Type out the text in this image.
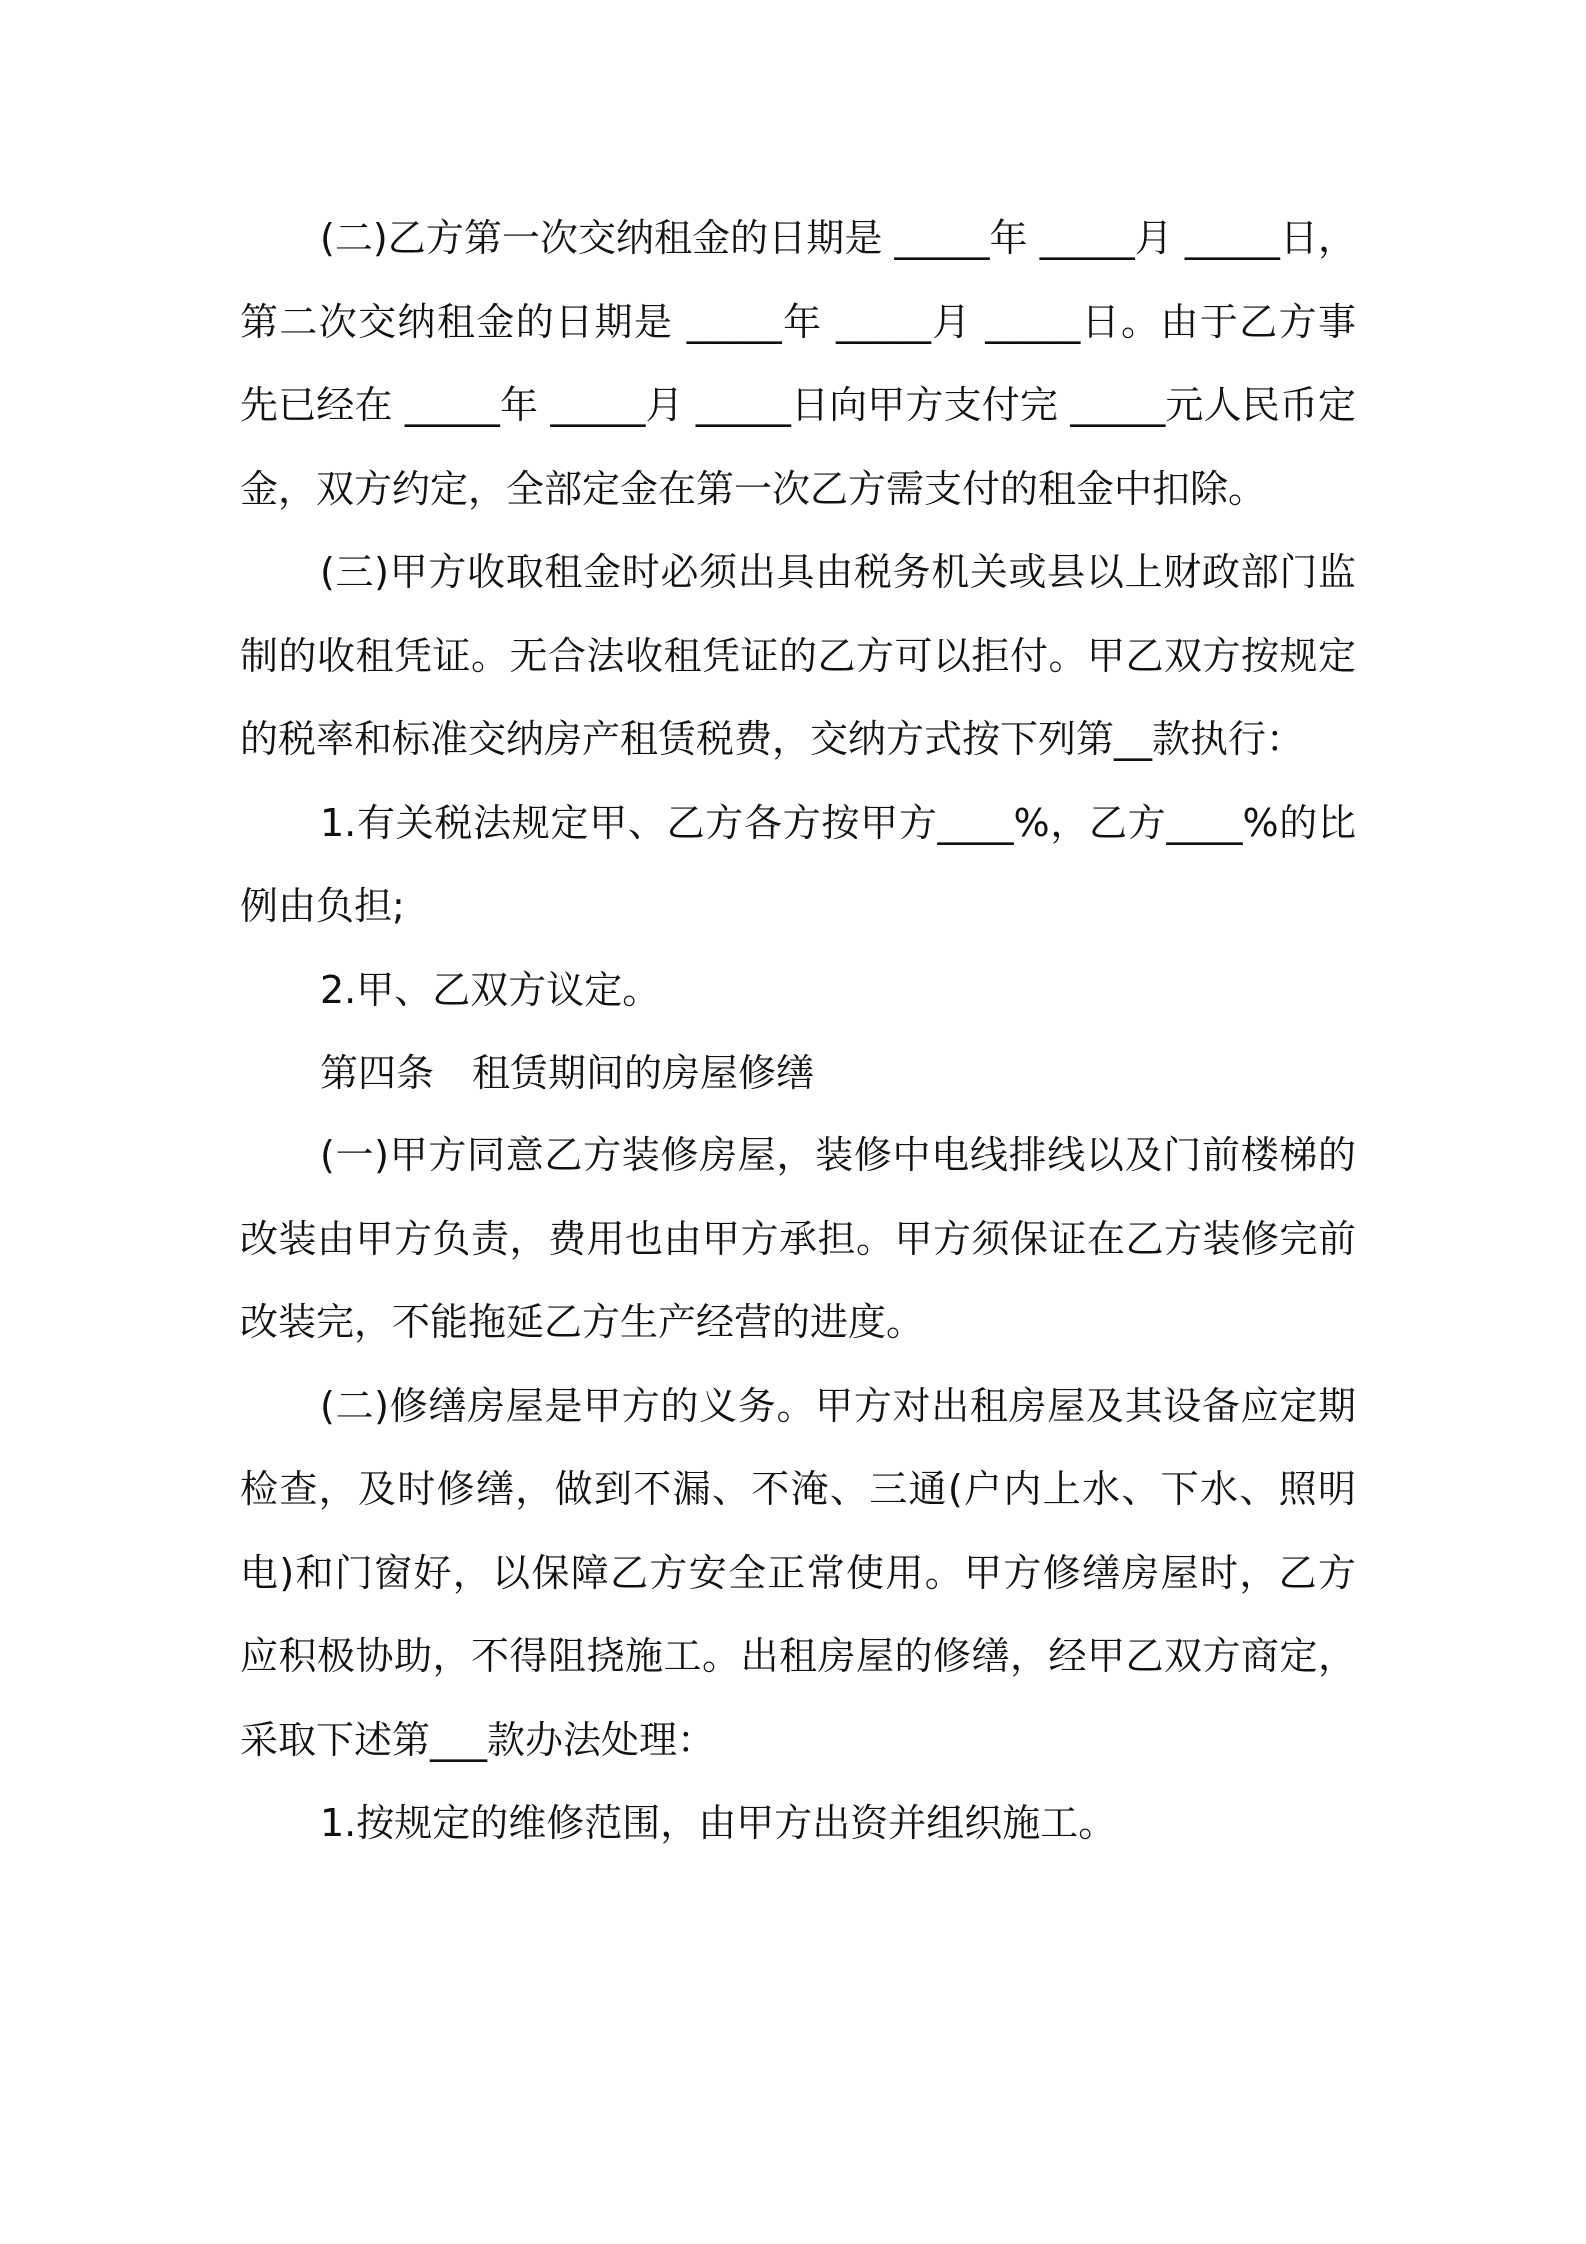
(二)乙方第一次交纳租金的日期是 _____年 _____月 _____日，第二次交纳租金的日期是 _____年 _____月 _____日。由于乙方事先已经在 _____年 _____月 _____日向甲方支付完 _____元人民币定金，双方约定，全部定金在第一次乙方需支付的租金中扣除。

(三)甲方收取租金时必须出具由税务机关或县以上财政部门监制的收租凭证。无合法收租凭证的乙方可以拒付。甲乙双方按规定的税率和标准交纳房产租赁税费，交纳方式按下列第__款执行：

1.有关税法规定甲、乙方各方按甲方____%，乙方____%的比例由负担;

2.甲、乙双方议定。

第四条　租赁期间的房屋修缮

(一)甲方同意乙方装修房屋，装修中电线排线以及门前楼梯的改装由甲方负责，费用也由甲方承担。甲方须保证在乙方装修完前改装完，不能拖延乙方生产经营的进度。

(二)修缮房屋是甲方的义务。甲方对出租房屋及其设备应定期检查，及时修缮，做到不漏、不淹、三通(户内上水、下水、照明电)和门窗好，以保障乙方安全正常使用。甲方修缮房屋时，乙方应积极协助，不得阻挠施工。出租房屋的修缮，经甲乙双方商定，采取下述第___款办法处理：

1.按规定的维修范围，由甲方出资并组织施工。
